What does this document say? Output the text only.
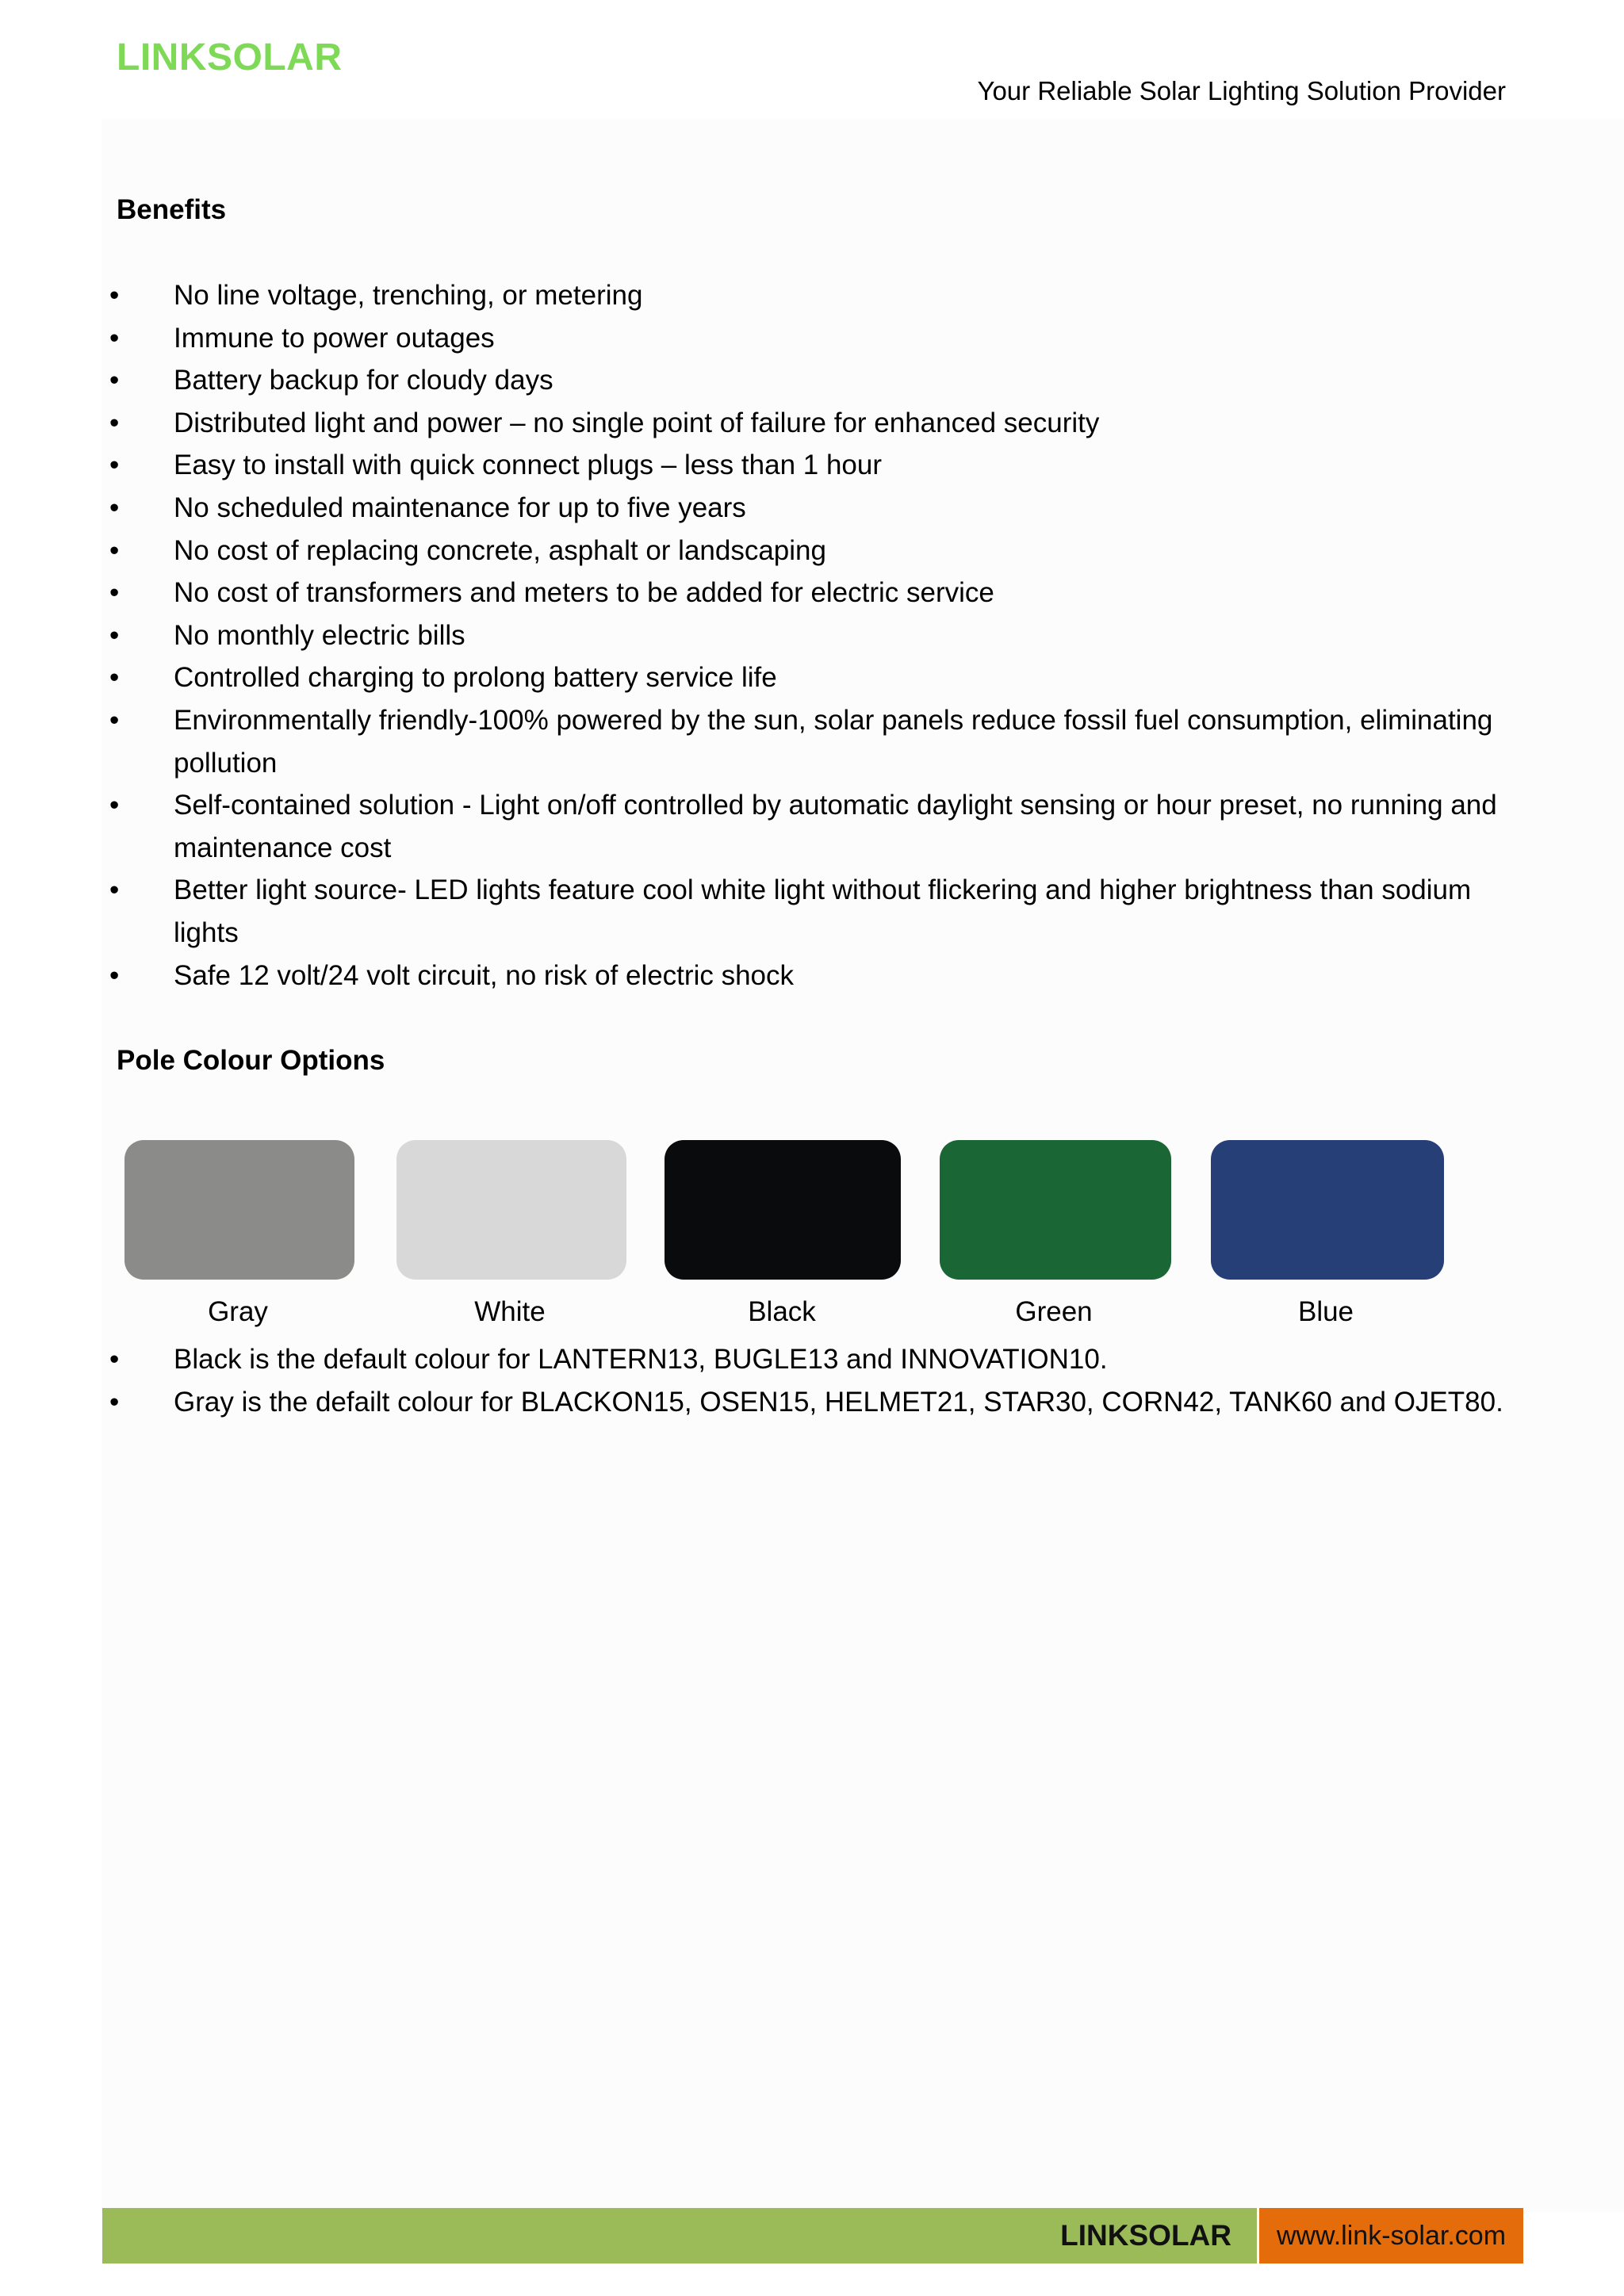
LINKSOLAR
Your Reliable Solar Lighting Solution Provider
Benefits
• No line voltage, trenching, or metering
• Immune to power outages
• Battery backup for cloudy days
• Distributed light and power – no single point of failure for enhanced security
• Easy to install with quick connect plugs – less than 1 hour
• No scheduled maintenance for up to five years
• No cost of replacing concrete, asphalt or landscaping
• No cost of transformers and meters to be added for electric service
• No monthly electric bills
• Controlled charging to prolong battery service life
• Environmentally friendly-100% powered by the sun, solar panels reduce fossil fuel consumption, eliminating pollution
• Self-contained solution - Light on/off controlled by automatic daylight sensing or hour preset, no running and maintenance cost
• Better light source- LED lights feature cool white light without flickering and higher brightness than sodium lights
• Safe 12 volt/24 volt circuit, no risk of electric shock
Pole Colour Options
Gray	White	Black	Green	Blue
• Black is the default colour for LANTERN13, BUGLE13 and INNOVATION10.
• Gray is the defailt colour for BLACKON15, OSEN15, HELMET21, STAR30, CORN42, TANK60 and OJET80.
LINKSOLAR	www.link-solar.com
